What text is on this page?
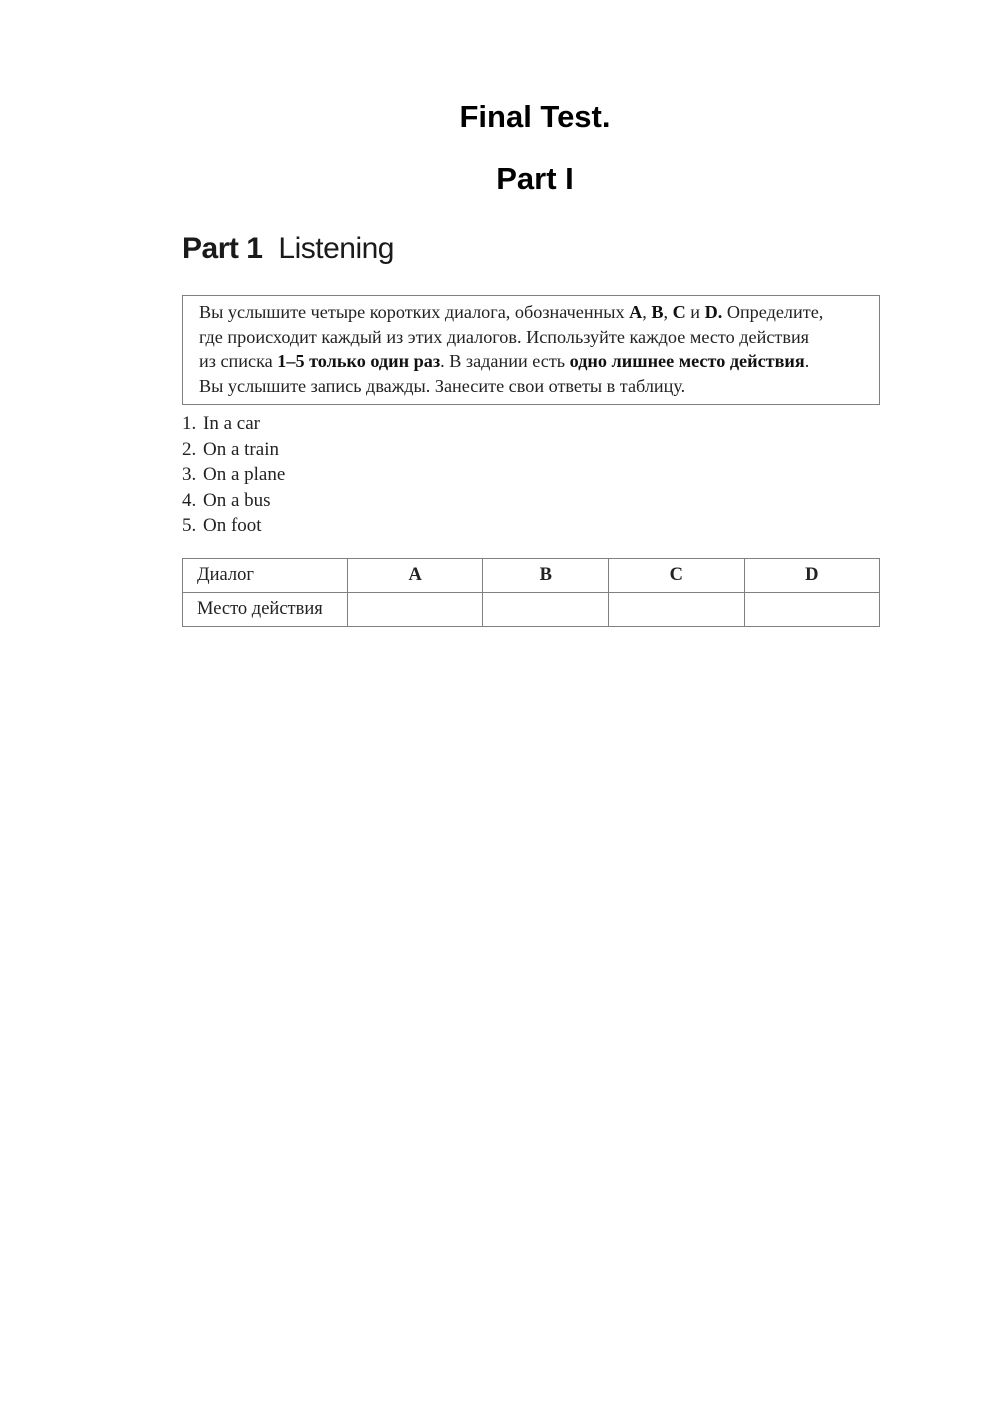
Final Test.
Part I
Part 1 Listening

Вы услышите четыре коротких диалога, обозначенных A, B, C и D. Определите,

где происходит каждый из этих диалогов. Используйте каждое место действия

из списка 1–5 только один раз. В задании есть одно лишнее место действия.

Вы услышите запись дважды. Занесите свои ответы в таблицу.

1. In a car
2. On a train
3. On a plane
4. On a bus
5. On foot
Диалог	A	B	C	D
Место действия				
